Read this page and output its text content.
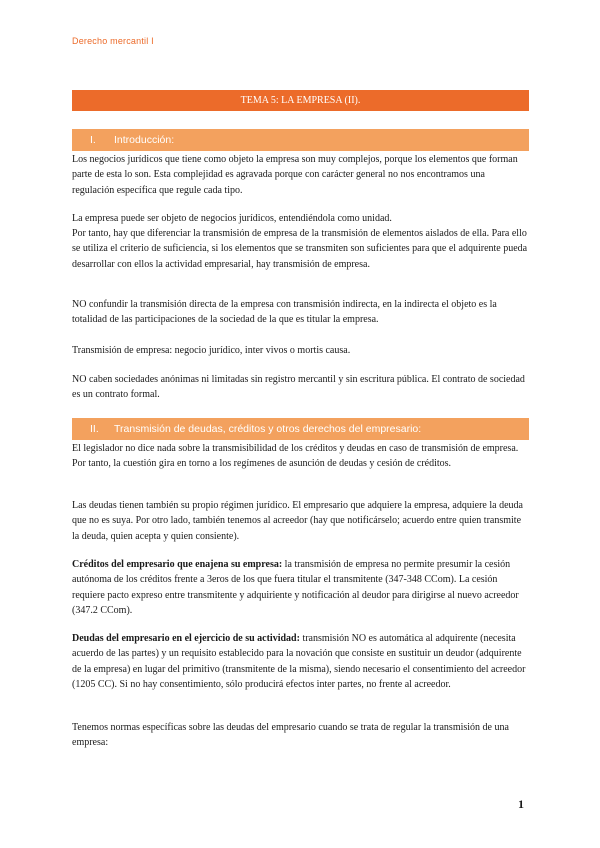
Derecho mercantil I
TEMA 5: LA EMPRESA (II).
I. Introducción:

Los negocios jurídicos que tiene como objeto la empresa son muy complejos, porque los elementos que forman parte de esta lo son. Esta complejidad es agravada porque con carácter general no nos encontramos una regulación específica que regule cada tipo.

La empresa puede ser objeto de negocios jurídicos, entendiéndola como unidad.

Por tanto, hay que diferenciar la transmisión de empresa de la transmisión de elementos aislados de ella. Para ello se utiliza el criterio de suficiencia, si los elementos que se transmiten son suficientes para que el adquirente pueda desarrollar con ellos la actividad empresarial, hay transmisión de empresa.

NO confundir la transmisión directa de la empresa con transmisión indirecta, en la indirecta el objeto es la totalidad de las participaciones de la sociedad de la que es titular la empresa.

Transmisión de empresa: negocio jurídico, inter vivos o mortis causa.

NO caben sociedades anónimas ni limitadas sin registro mercantil y sin escritura pública. El contrato de sociedad es un contrato formal.

II. Transmisión de deudas, créditos y otros derechos del empresario:

El legislador no dice nada sobre la transmisibilidad de los créditos y deudas en caso de transmisión de empresa. Por tanto, la cuestión gira en torno a los regímenes de asunción de deudas y cesión de créditos.

Las deudas tienen también su propio régimen jurídico. El empresario que adquiere la empresa, adquiere la deuda que no es suya. Por otro lado, también tenemos al acreedor (hay que notificárselo; acuerdo entre quien transmite la deuda, quien acepta y quien consiente).

Créditos del empresario que enajena su empresa: la transmisión de empresa no permite presumir la cesión autónoma de los créditos frente a 3eros de los que fuera titular el transmitente (347-348 CCom). La cesión requiere pacto expreso entre transmitente y adquiriente y notificación al deudor para dirigirse al nuevo acreedor (347.2 CCom).

Deudas del empresario en el ejercicio de su actividad: transmisión NO es automática al adquirente (necesita acuerdo de las partes) y un requisito establecido para la novación que consiste en sustituir un deudor (adquirente de la empresa) en lugar del primitivo (transmitente de la misma), siendo necesario el consentimiento del acreedor (1205 CC). Si no hay consentimiento, sólo producirá efectos inter partes, no frente al acreedor.

Tenemos normas específicas sobre las deudas del empresario cuando se trata de regular la transmisión de una empresa:

1
